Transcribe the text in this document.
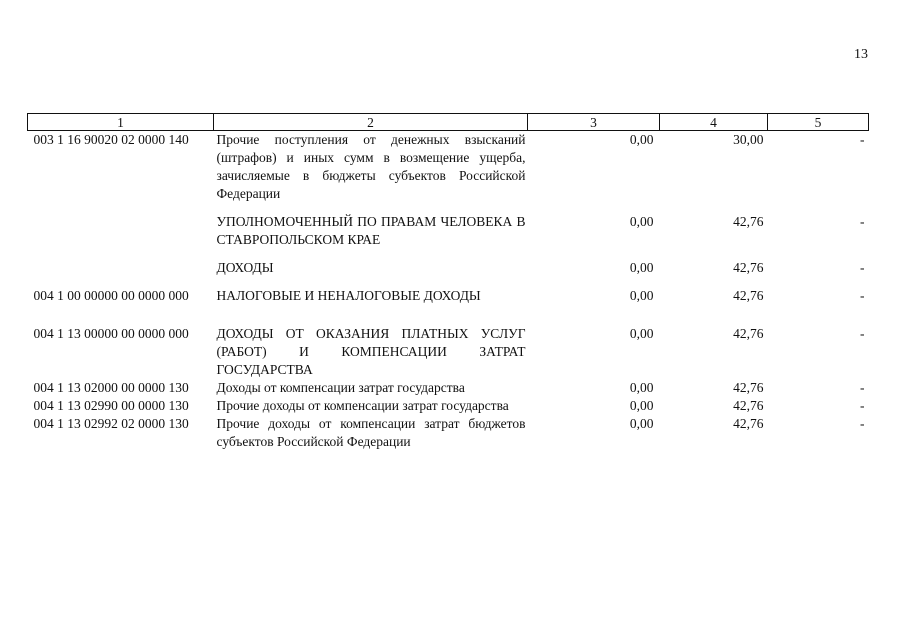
13
1	2	3	4	5
003 1 16 90020 02 0000 140	Прочие поступления от денежных взысканий (штрафов) и иных сумм в возмещение ущерба, зачисляемые в бюджеты субъектов Российской Федерации	0,00	30,00	-
	УПОЛНОМОЧЕННЫЙ ПО ПРАВАМ ЧЕЛОВЕКА В СТАВРОПОЛЬСКОМ КРАЕ	0,00	42,76	-
	ДОХОДЫ	0,00	42,76	-
004 1 00 00000 00 0000 000	НАЛОГОВЫЕ И НЕНАЛОГОВЫЕ ДОХОДЫ	0,00	42,76	-
004 1 13 00000 00 0000 000	ДОХОДЫ ОТ ОКАЗАНИЯ ПЛАТНЫХ УСЛУГ (РАБОТ) И КОМПЕНСАЦИИ ЗАТРАТ ГОСУДАРСТВА	0,00	42,76	-
004 1 13 02000 00 0000 130	Доходы от компенсации затрат государства	0,00	42,76	-
004 1 13 02990 00 0000 130	Прочие доходы от компенсации затрат государства	0,00	42,76	-
004 1 13 02992 02 0000 130	Прочие доходы от компенсации затрат бюджетов субъектов Российской Федерации	0,00	42,76	-
